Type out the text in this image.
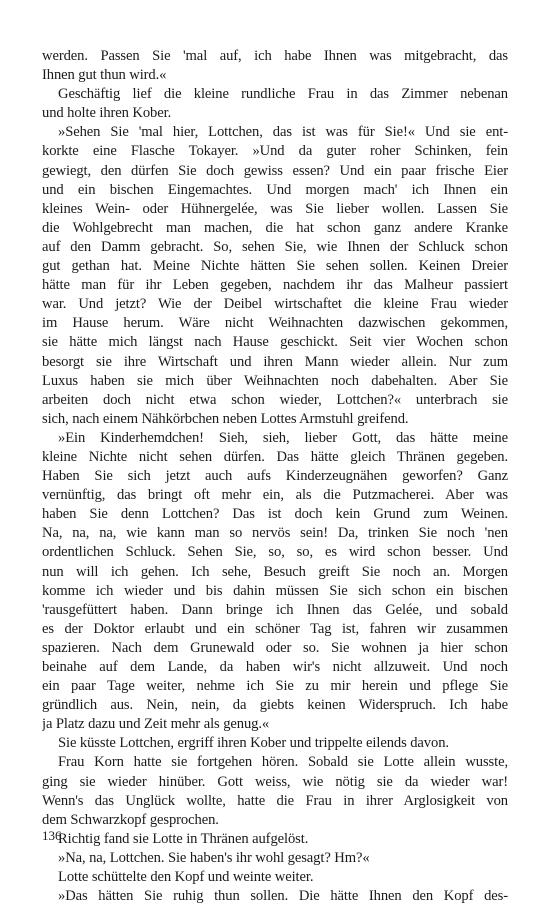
werden. Passen Sie 'mal auf, ich habe Ihnen was mitgebracht, das
Ihnen gut thun wird.«
Geschäftig lief die kleine rundliche Frau in das Zimmer nebenan
und holte ihren Kober.
»Sehen Sie 'mal hier, Lottchen, das ist was für Sie!« Und sie ent-
korkte eine Flasche Tokayer. »Und da guter roher Schinken, fein
gewiegt, den dürfen Sie doch gewiss essen? Und ein paar frische Eier
und ein bischen Eingemachtes. Und morgen mach' ich Ihnen ein
kleines Wein- oder Hühnergelée, was Sie lieber wollen. Lassen Sie
die Wohlgebrecht man machen, die hat schon ganz andere Kranke
auf den Damm gebracht. So, sehen Sie, wie Ihnen der Schluck schon
gut gethan hat. Meine Nichte hätten Sie sehen sollen. Keinen Dreier
hätte man für ihr Leben gegeben, nachdem ihr das Malheur passiert
war. Und jetzt? Wie der Deibel wirtschaftet die kleine Frau wieder
im Hause herum. Wäre nicht Weihnachten dazwischen gekommen,
sie hätte mich längst nach Hause geschickt. Seit vier Wochen schon
besorgt sie ihre Wirtschaft und ihren Mann wieder allein. Nur zum
Luxus haben sie mich über Weihnachten noch dabehalten. Aber Sie
arbeiten doch nicht etwa schon wieder, Lottchen?« unterbrach sie
sich, nach einem Nähkörbchen neben Lottes Armstuhl greifend.
»Ein Kinderhemdchen! Sieh, sieh, lieber Gott, das hätte meine
kleine Nichte nicht sehen dürfen. Das hätte gleich Thränen gegeben.
Haben Sie sich jetzt auch aufs Kinderzeugnähen geworfen? Ganz
vernünftig, das bringt oft mehr ein, als die Putzmacherei. Aber was
haben Sie denn Lottchen? Das ist doch kein Grund zum Weinen.
Na, na, na, wie kann man so nervös sein! Da, trinken Sie noch 'nen
ordentlichen Schluck. Sehen Sie, so, so, es wird schon besser. Und
nun will ich gehen. Ich sehe, Besuch greift Sie noch an. Morgen
komme ich wieder und bis dahin müssen Sie sich schon ein bischen
'rausgefüttert haben. Dann bringe ich Ihnen das Gelée, und sobald
es der Doktor erlaubt und ein schöner Tag ist, fahren wir zusammen
spazieren. Nach dem Grunewald oder so. Sie wohnen ja hier schon
beinahe auf dem Lande, da haben wir's nicht allzuweit. Und noch
ein paar Tage weiter, nehme ich Sie zu mir herein und pflege Sie
gründlich aus. Nein, nein, da giebts keinen Widerspruch. Ich habe
ja Platz dazu und Zeit mehr als genug.«
Sie küsste Lottchen, ergriff ihren Kober und trippelte eilends davon.
Frau Korn hatte sie fortgehen hören. Sobald sie Lotte allein wusste,
ging sie wieder hinüber. Gott weiss, wie nötig sie da wieder war!
Wenn's das Unglück wollte, hatte die Frau in ihrer Arglosigkeit von
dem Schwarzkopf gesprochen.
Richtig fand sie Lotte in Thränen aufgelöst.
»Na, na, Lottchen. Sie haben's ihr wohl gesagt? Hm?«
Lotte schüttelte den Kopf und weinte weiter.
»Das hätten Sie ruhig thun sollen. Die hätte Ihnen den Kopf des-
136
